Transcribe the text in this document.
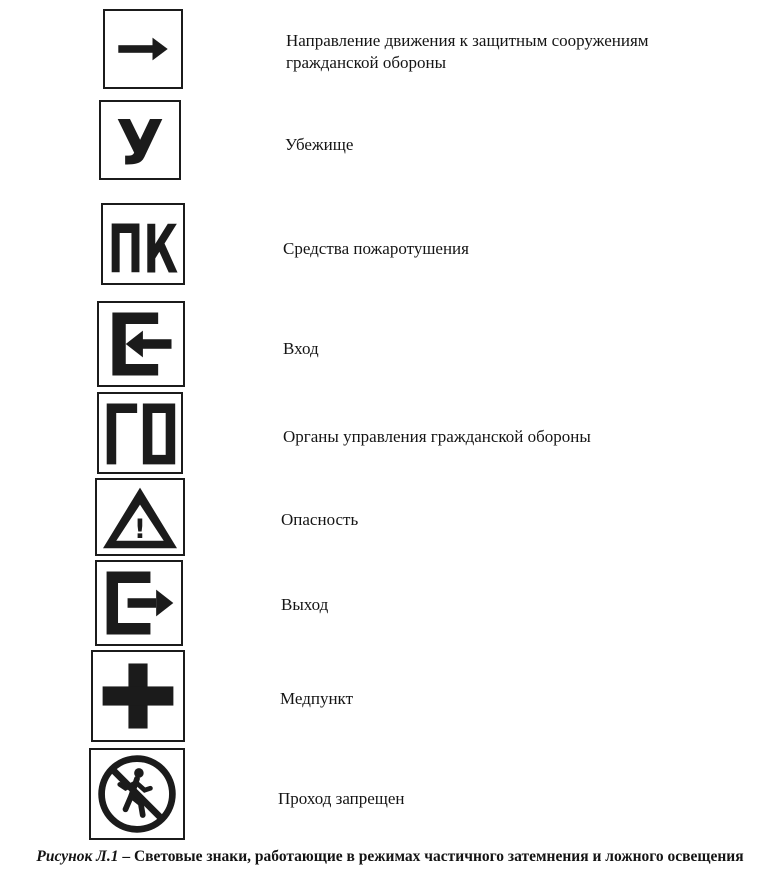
Направление движения к защитным сооружениям
гражданской обороны
У	Убежище
ПК	Средства пожаротушения
Вход
Органы управления гражданской обороны
!	Опасность
Выход
Медпункт
Проход запрещен
Рисунок Л.1 – Световые знаки, работающие в режимах частичного затемнения и ложного освещения
